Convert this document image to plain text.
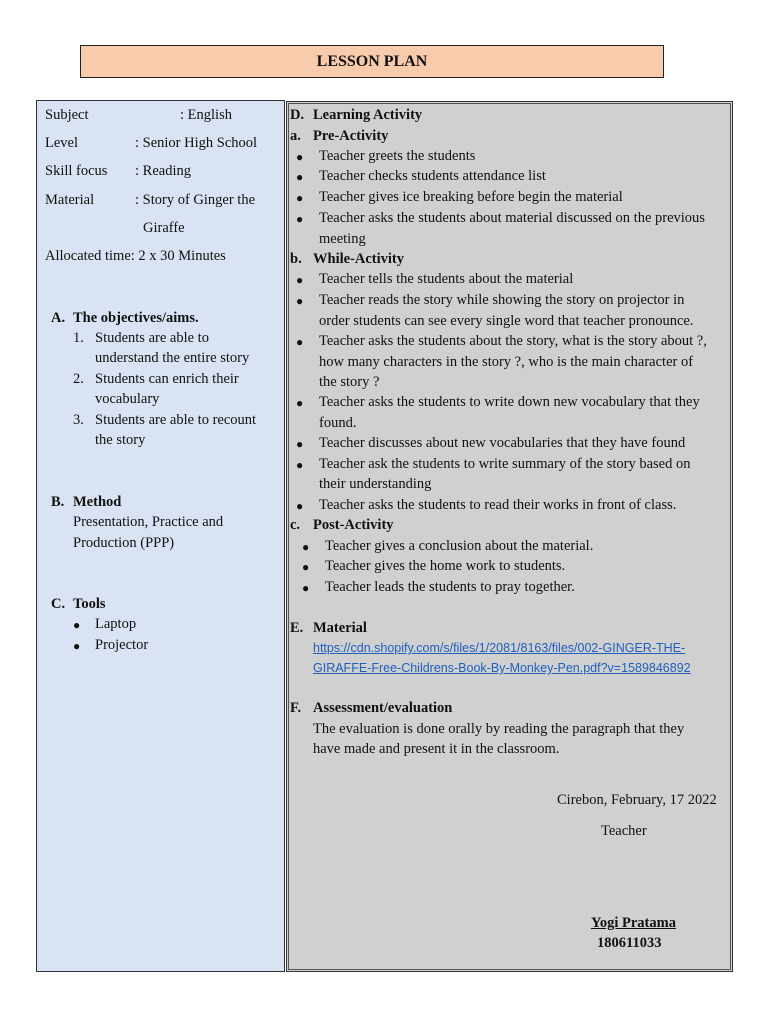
LESSON PLAN
Subject	: English
Level	: Senior High School
Skill focus : Reading
Material	: Story of Ginger the
Giraffe
Allocated time: 2 x 30 Minutes
A. The objectives/aims.
1. Students are able to
understand the entire story
2. Students can enrich their
vocabulary
3. Students are able to recount
the story
B. Method
Presentation, Practice and
Production (PPP)
C. Tools
● Laptop
● Projector
D. Learning Activity
a. Pre-Activity
● Teacher greets the students
● Teacher checks students attendance list
● Teacher gives ice breaking before begin the material
● Teacher asks the students about material discussed on the previous
meeting
b. While-Activity
● Teacher tells the students about the material
● Teacher reads the story while showing the story on projector in
order students can see every single word that teacher pronounce.
● Teacher asks the students about the story, what is the story about ?,
how many characters in the story ?, who is the main character of
the story ?
● Teacher asks the students to write down new vocabulary that they
found.
● Teacher discusses about new vocabularies that they have found
● Teacher ask the students to write summary of the story based on
their understanding
● Teacher asks the students to read their works in front of class.
c. Post-Activity
● Teacher gives a conclusion about the material.
● Teacher gives the home work to students.
● Teacher leads the students to pray together.
E. Material
https://cdn.shopify.com/s/files/1/2081/8163/files/002-GINGER-THE-
GIRAFFE-Free-Childrens-Book-By-Monkey-Pen.pdf?v=1589846892
F. Assessment/evaluation
The evaluation is done orally by reading the paragraph that they
have made and present it in the classroom.
Cirebon, February, 17 2022
Teacher
Yogi Pratama
180611033
